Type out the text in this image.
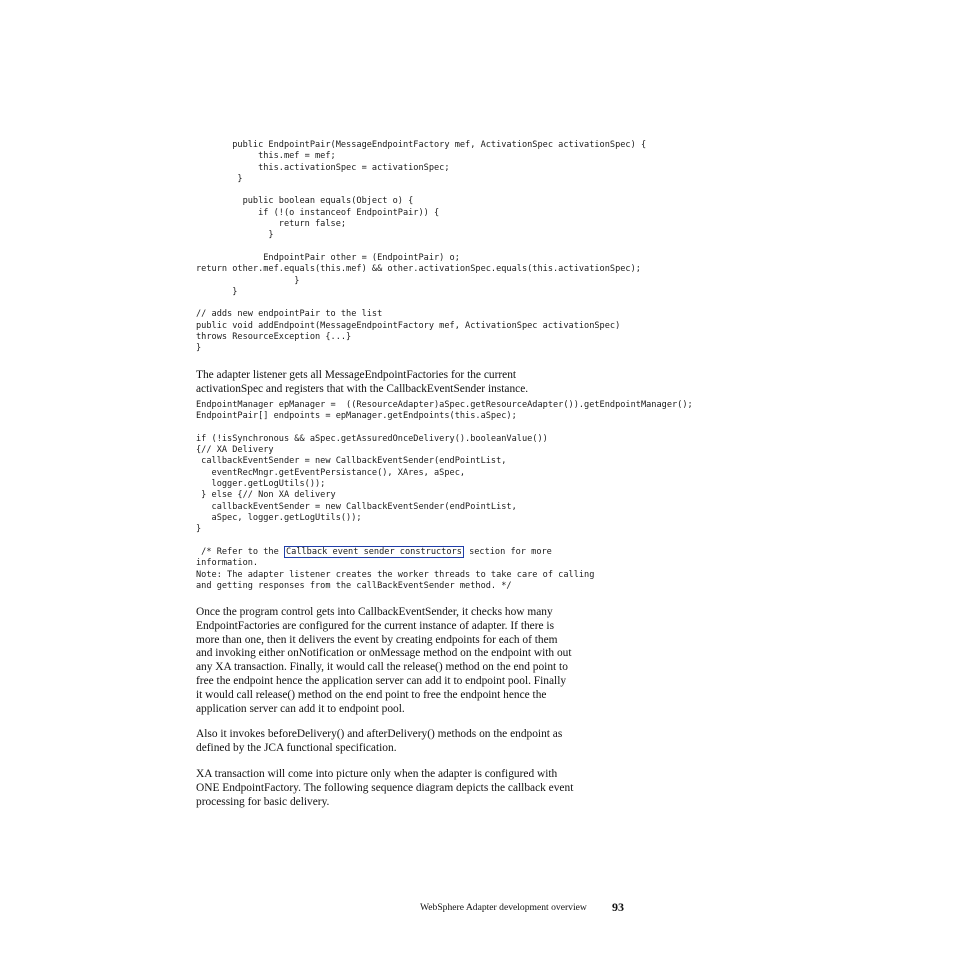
public EndpointPair(MessageEndpointFactory mef, ActivationSpec activationSpec) {
this.mef = mef;
this.activationSpec = activationSpec;
}

public boolean equals(Object o) {
if (!(o instanceof EndpointPair)) {
return false;
}

EndpointPair other = (EndpointPair) o;
return other.mef.equals(this.mef) && other.activationSpec.equals(this.activationSpec);
}
}

// adds new endpointPair to the list
public void addEndpoint(MessageEndpointFactory mef, ActivationSpec activationSpec)
throws ResourceException {...}
}
The adapter listener gets all MessageEndpointFactories for the current
activationSpec and registers that with the CallbackEventSender instance.
EndpointManager epManager =  ((ResourceAdapter)aSpec.getResourceAdapter()).getEndpointManager();
EndpointPair[] endpoints = epManager.getEndpoints(this.aSpec);

if (!isSynchronous && aSpec.getAssuredOnceDelivery().booleanValue())
{// XA Delivery
callbackEventSender = new CallbackEventSender(endPointList,
eventRecMngr.getEventPersistance(), XAres, aSpec,
logger.getLogUtils());
} else {// Non XA delivery
callbackEventSender = new CallbackEventSender(endPointList,
aSpec, logger.getLogUtils());
}
/* Refer to the Callback event sender constructors section for more
information.
Note: The adapter listener creates the worker threads to take care of calling
and getting responses from the callBackEventSender method. */
Once the program control gets into CallbackEventSender, it checks how many
EndpointFactories are configured for the current instance of adapter. If there is
more than one, then it delivers the event by creating endpoints for each of them
and invoking either onNotification or onMessage method on the endpoint with out
any XA transaction. Finally, it would call the release() method on the end point to
free the endpoint hence the application server can add it to endpoint pool. Finally
it would call release() method on the end point to free the endpoint hence the
application server can add it to endpoint pool.
Also it invokes beforeDelivery() and afterDelivery() methods on the endpoint as
defined by the JCA functional specification.
XA transaction will come into picture only when the adapter is configured with
ONE EndpointFactory. The following sequence diagram depicts the callback event
processing for basic delivery.
WebSphere Adapter development overview 93
